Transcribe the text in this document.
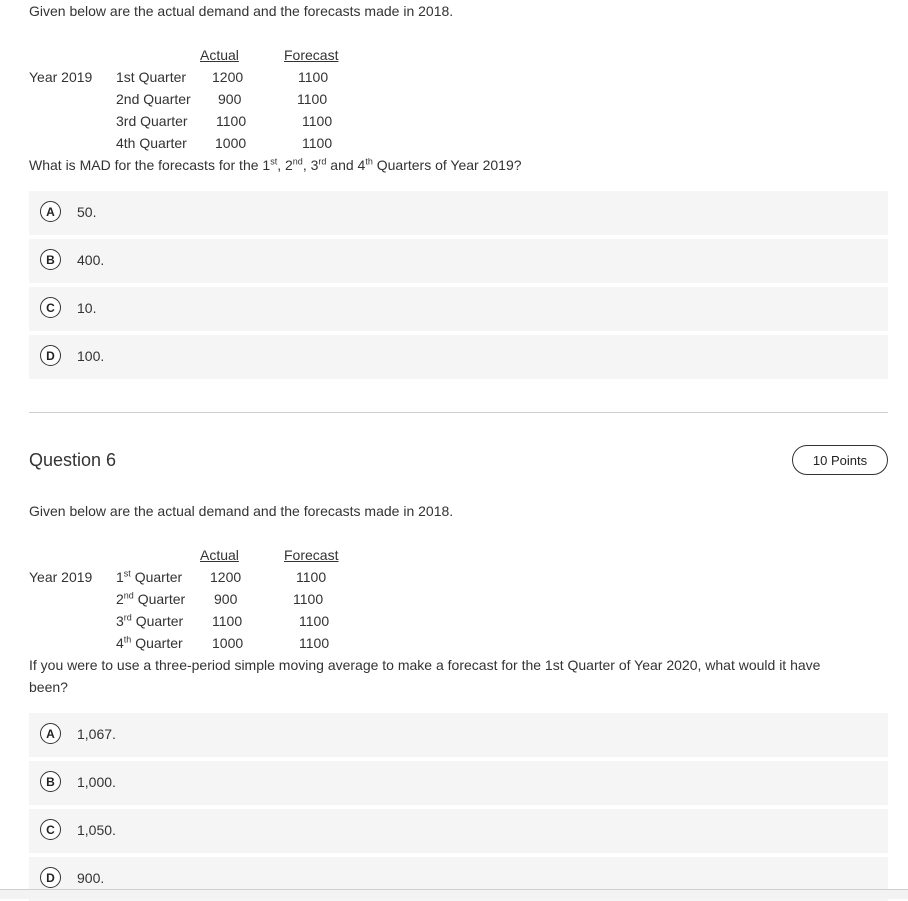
Given below are the actual demand and the forecasts made in 2018.
Actual	Forecast
Year 2019 1st Quarter 1200	1100
2nd Quarter 900	1100
3rd Quarter 1100	1100
4th Quarter 1000	1100
What is MAD for the forecasts for the 1st, 2nd, 3rd and 4th Quarters of Year 2019?
A	50.
B	400.
C	10.
D	100.
Question 6	10 Points
Given below are the actual demand and the forecasts made in 2018.
Actual	Forecast
Year 2019 1st Quarter 1200	1100
2nd Quarter 900	1100
3rd Quarter 1100	1100
4th Quarter 1000	1100
If you were to use a three-period simple moving average to make a forecast for the 1st Quarter of Year 2020, what would it have
been?
A	1,067.
B	1,000.
C	1,050.
D	900.
